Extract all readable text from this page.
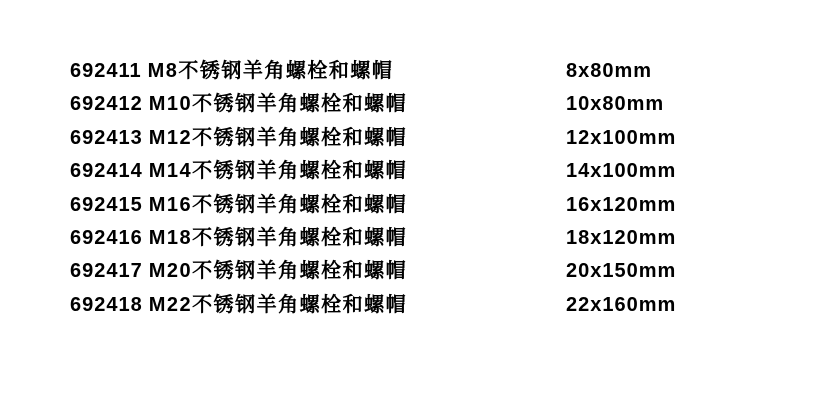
692411 M8不锈钢羊角螺栓和螺帽	8x80mm
692412 M10不锈钢羊角螺栓和螺帽	10x80mm
692413 M12不锈钢羊角螺栓和螺帽	12x100mm
692414 M14不锈钢羊角螺栓和螺帽	14x100mm
692415 M16不锈钢羊角螺栓和螺帽	16x120mm
692416 M18不锈钢羊角螺栓和螺帽	18x120mm
692417 M20不锈钢羊角螺栓和螺帽	20x150mm
692418 M22不锈钢羊角螺栓和螺帽	22x160mm
